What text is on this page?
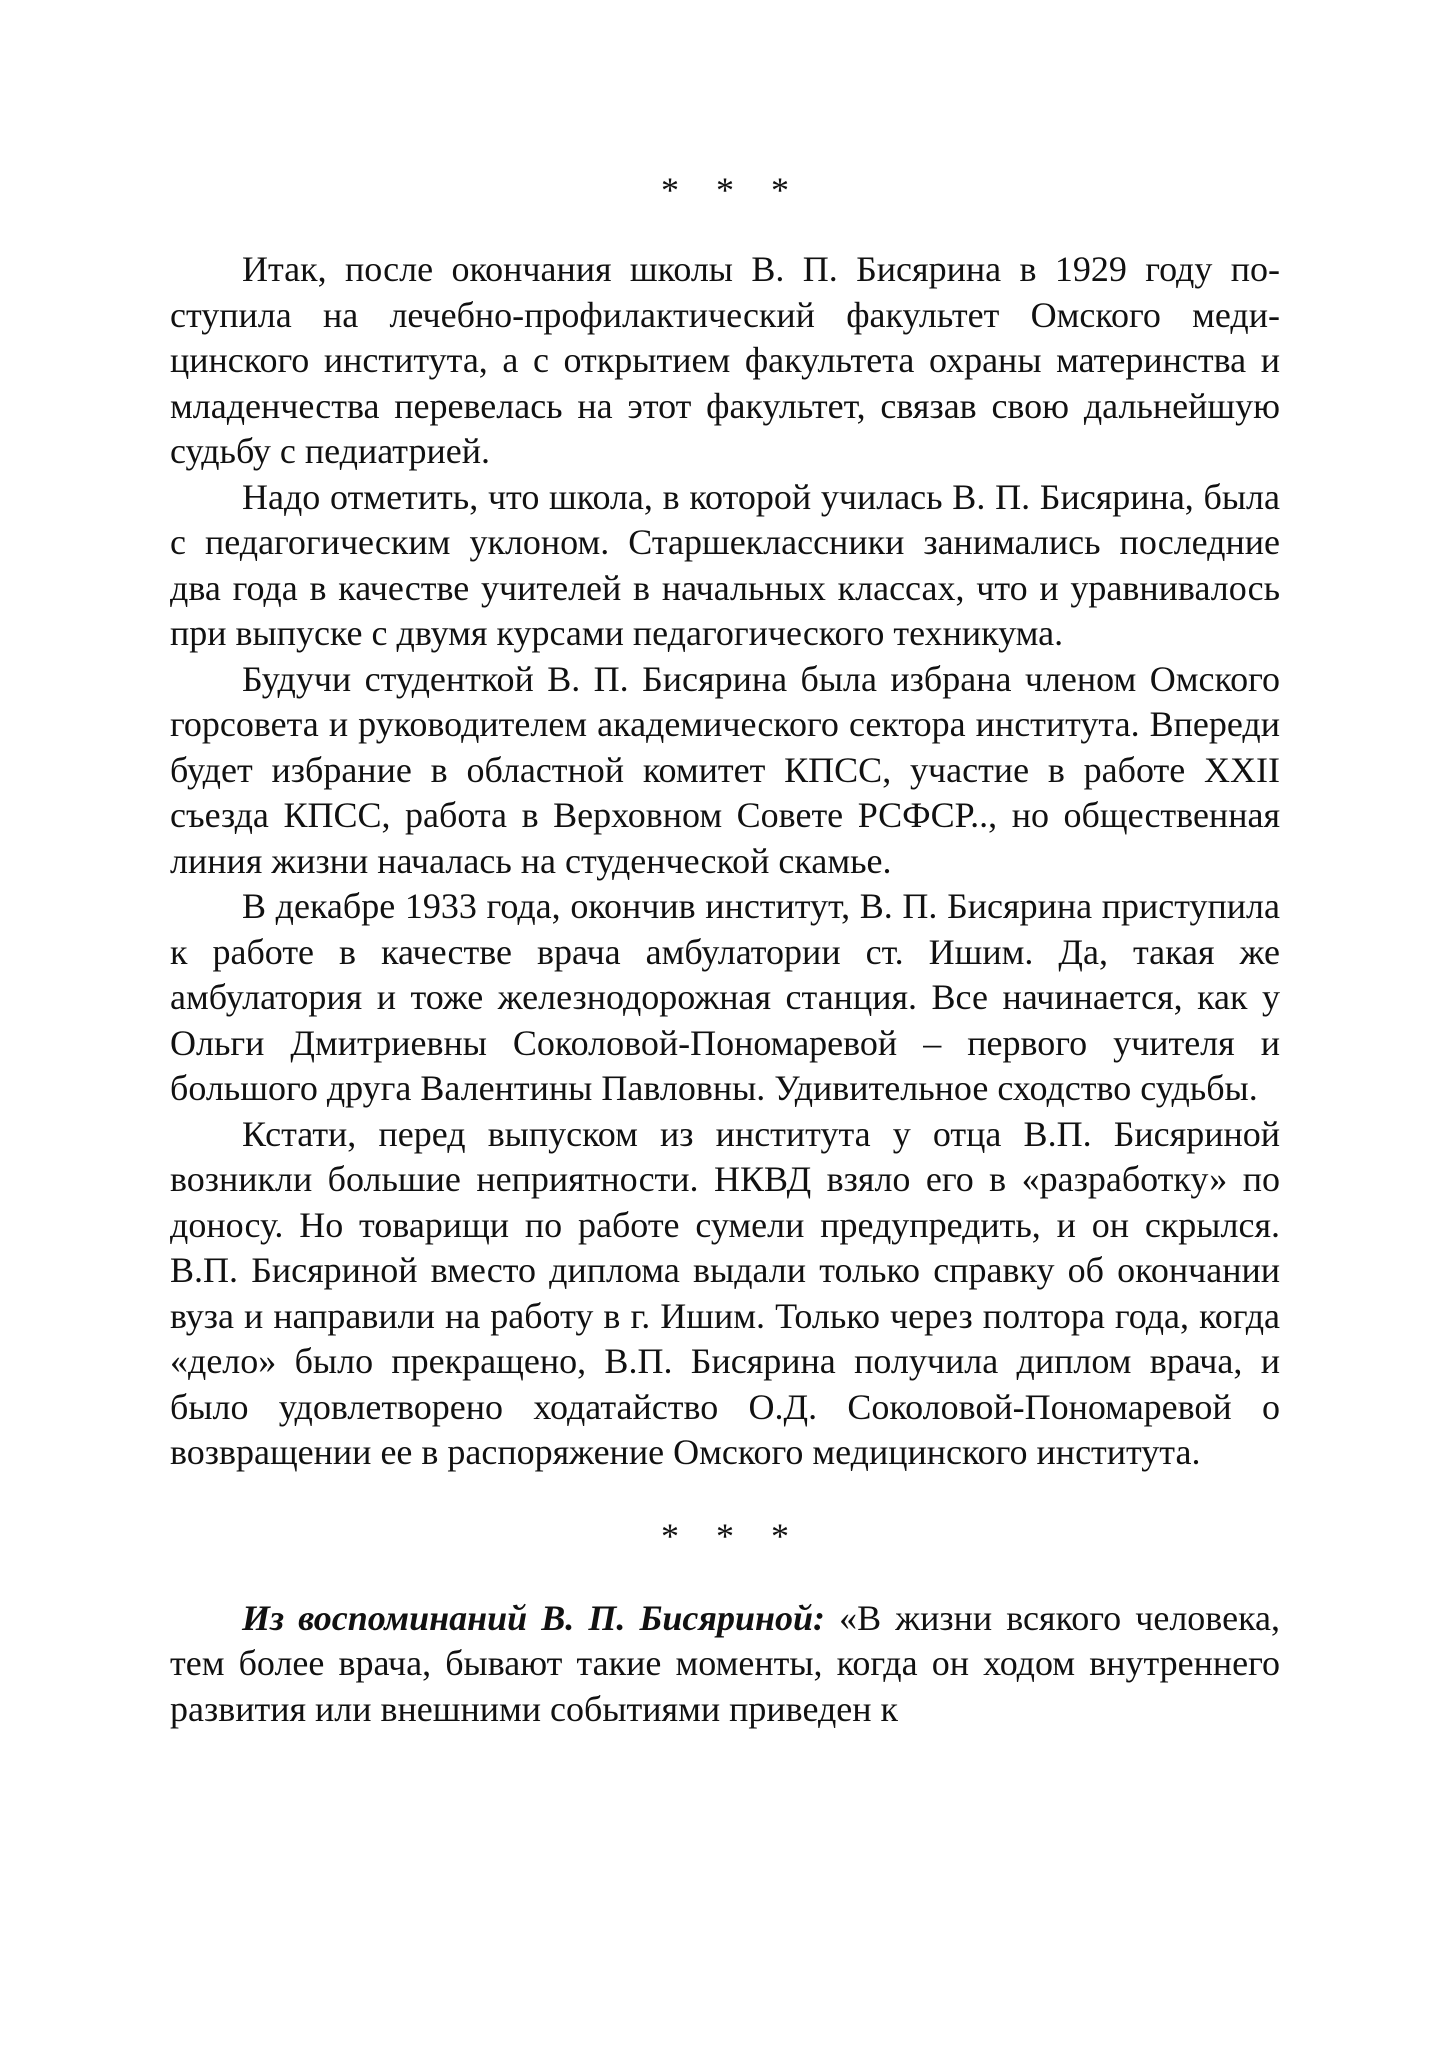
* * *

Итак, после окончания школы В. П. Бисярина в 1929 году поступила на лечебно-профилактический факультет Омского медицинского института, а с открытием факультета охраны материнства и младенчества перевелась на этот факультет, связав свою дальнейшую судьбу с педиатрией.

Надо отметить, что школа, в которой училась В. П. Бисярина, была с педагогическим уклоном. Старшеклассники занимались последние два года в качестве учителей в начальных классах, что и уравнивалось при выпуске с двумя курсами педагогического техникума.

Будучи студенткой В. П. Бисярина была избрана членом Омского горсовета и руководителем академического сектора института. Впереди будет избрание в областной комитет КПСС, участие в работе XXII съезда КПСС, работа в Верховном Совете РСФСР.., но общественная линия жизни началась на студенческой скамье.

В декабре 1933 года, окончив институт, В. П. Бисярина приступила к работе в качестве врача амбулатории ст. Ишим. Да, такая же амбулатория и тоже железнодорожная станция. Все начинается, как у Ольги Дмитриевны Соколовой-Пономаревой – первого учителя и большого друга Валентины Павловны. Удивительное сходство судьбы.

Кстати, перед выпуском из института у отца В.П. Бисяриной возникли большие неприятности. НКВД взяло его в «разработку» по доносу. Но товарищи по работе сумели предупредить, и он скрылся. В.П. Бисяриной вместо диплома выдали только справку об окончании вуза и направили на работу в г. Ишим. Только через полтора года, когда «дело» было прекращено, В.П. Бисярина получила диплом врача, и было удовлетворено ходатайство О.Д. Соколовой-Пономаревой о возвращении ее в распоряжение Омского медицинского института.

* * *

Из воспоминаний В. П. Бисяриной: «В жизни всякого человека, тем более врача, бывают такие моменты, когда он ходом внутреннего развития или внешними событиями приведен к
